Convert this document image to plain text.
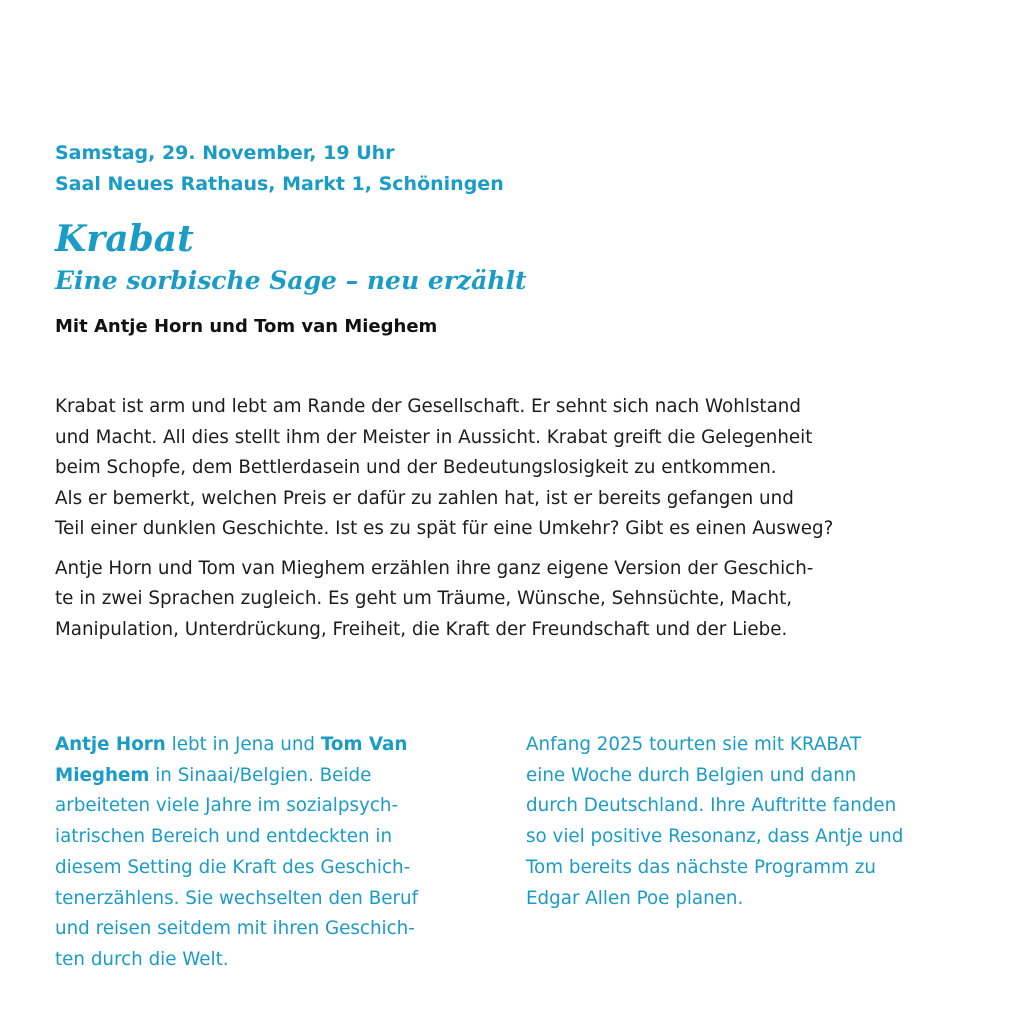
Samstag, 29. November, 19 Uhr
Saal Neues Rathaus, Markt 1, Schöningen
Krabat
Eine sorbische Sage – neu erzählt
Mit Antje Horn und Tom van Mieghem
Krabat ist arm und lebt am Rande der Gesellschaft. Er sehnt sich nach Wohlstand
und Macht. All dies stellt ihm der Meister in Aussicht. Krabat greift die Gelegenheit
beim Schopfe, dem Bettlerdasein und der Bedeutungslosigkeit zu entkommen.
Als er bemerkt, welchen Preis er dafür zu zahlen hat, ist er bereits gefangen und
Teil einer dunklen Geschichte. Ist es zu spät für eine Umkehr? Gibt es einen Ausweg?
Antje Horn und Tom van Mieghem erzählen ihre ganz eigene Version der Geschich-
te in zwei Sprachen zugleich. Es geht um Träume, Wünsche, Sehnsüchte, Macht,
Manipulation, Unterdrückung, Freiheit, die Kraft der Freundschaft und der Liebe.
Antje Horn lebt in Jena und Tom Van
Mieghem in Sinaai/Belgien. Beide
arbeiteten viele Jahre im sozialpsych-
iatrischen Bereich und entdeckten in
diesem Setting die Kraft des Geschich-
tenerzählens. Sie wechselten den Beruf
und reisen seitdem mit ihren Geschich-
ten durch die Welt.
Anfang 2025 tourten sie mit KRABAT
eine Woche durch Belgien und dann
durch Deutschland. Ihre Auftritte fanden
so viel positive Resonanz, dass Antje und
Tom bereits das nächste Programm zu
Edgar Allen Poe planen.
